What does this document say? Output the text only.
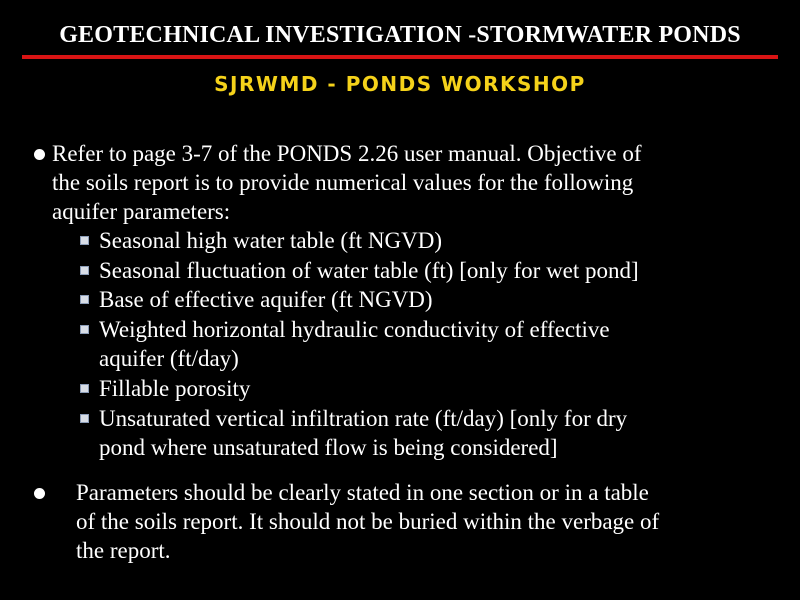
GEOTECHNICAL INVESTIGATION -STORMWATER PONDS
SJRWMD - PONDS WORKSHOP
Refer to page 3-7 of the PONDS 2.26 user manual. Objective of
the soils report is to provide numerical values for the following
aquifer parameters:
Seasonal high water table (ft NGVD)
Seasonal fluctuation of water table (ft) [only for wet pond]
Base of effective aquifer (ft NGVD)
Weighted horizontal hydraulic conductivity of effective
aquifer (ft/day)
Fillable porosity
Unsaturated vertical infiltration rate (ft/day) [only for dry
pond where unsaturated flow is being considered]
Parameters should be clearly stated in one section or in a table
of the soils report. It should not be buried within the verbage of
the report.
